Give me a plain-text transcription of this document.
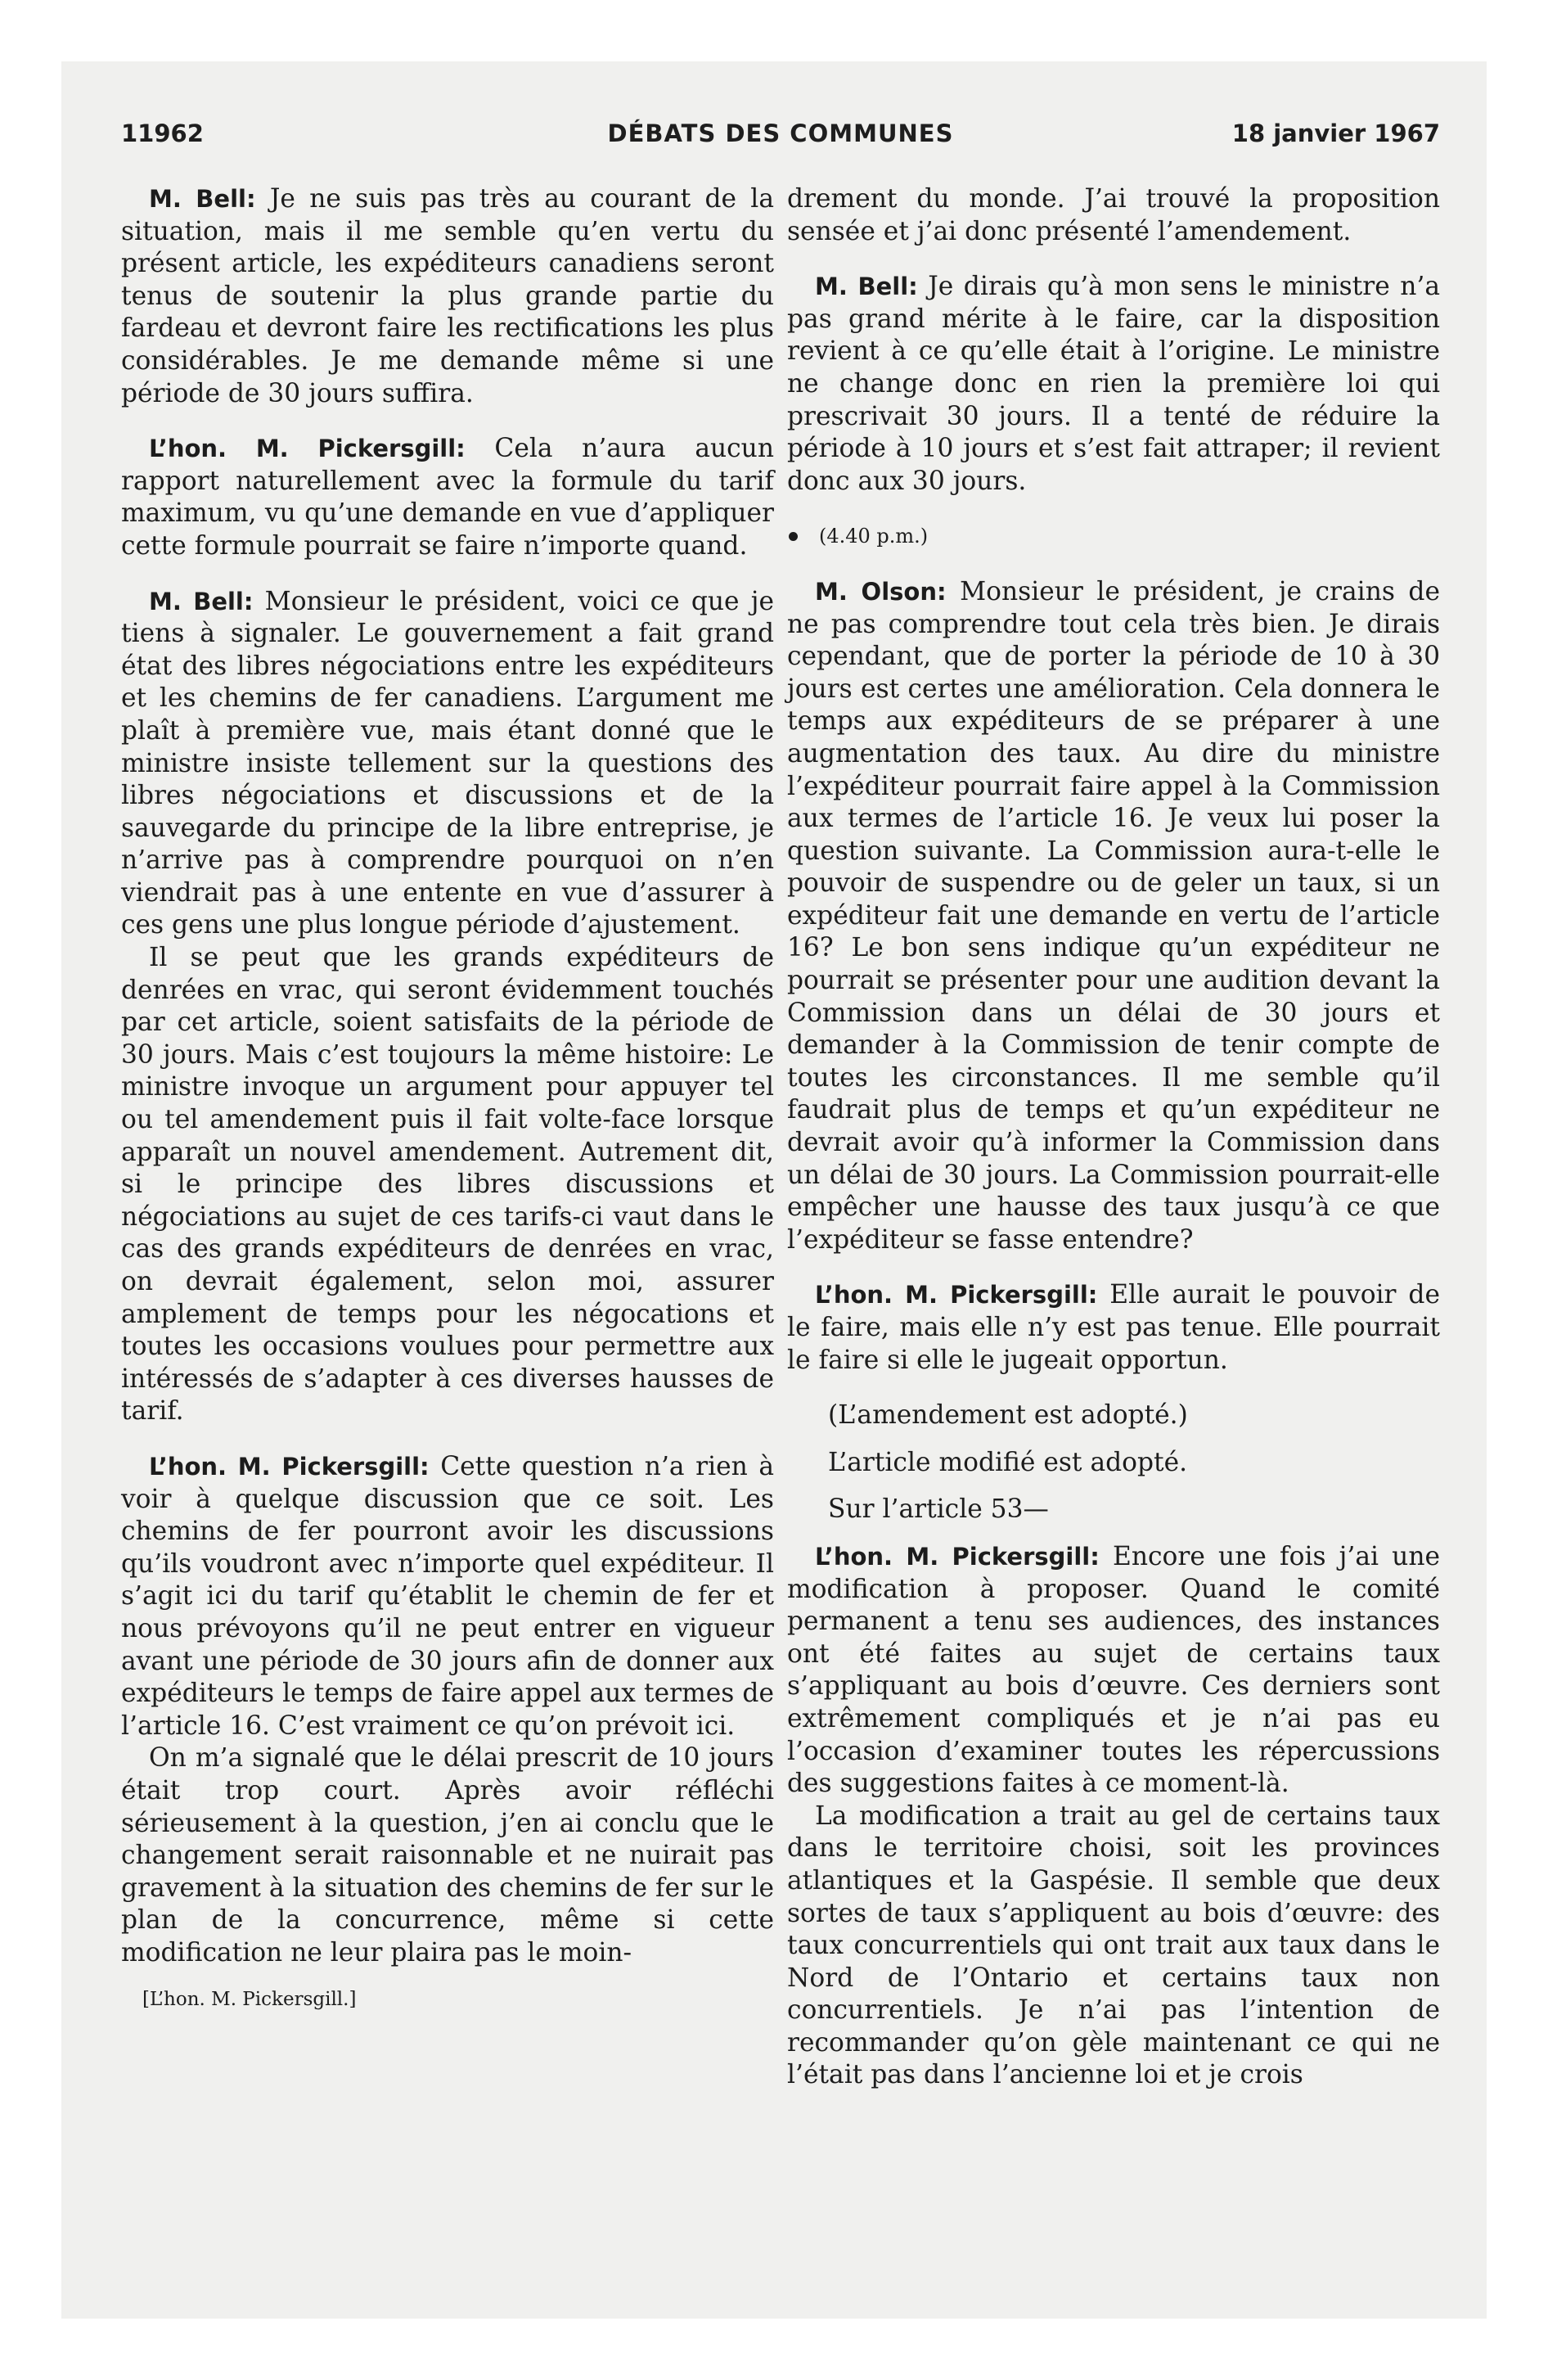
DÉBATS DES COMMUNES
11962	18 janvier 1967

M. Bell: Je ne suis pas très au courant de la situation, mais il me semble qu’en vertu du présent article, les expéditeurs canadiens seront tenus de soutenir la plus grande partie du fardeau et devront faire les rectifications les plus considérables. Je me demande même si une période de 30 jours suffira.

L’hon. M. Pickersgill: Cela n’aura aucun rapport naturellement avec la formule du tarif maximum, vu qu’une demande en vue d’appliquer cette formule pourrait se faire n’importe quand.

M. Bell: Monsieur le président, voici ce que je tiens à signaler. Le gouvernement a fait grand état des libres négociations entre les expéditeurs et les chemins de fer canadiens. L’argument me plaît à première vue, mais étant donné que le ministre insiste tellement sur la questions des libres négociations et discussions et de la sauvegarde du principe de la libre entreprise, je n’arrive pas à comprendre pourquoi on n’en viendrait pas à une entente en vue d’assurer à ces gens une plus longue période d’ajustement.

Il se peut que les grands expéditeurs de denrées en vrac, qui seront évidemment touchés par cet article, soient satisfaits de la période de 30 jours. Mais c’est toujours la même histoire: Le ministre invoque un argument pour appuyer tel ou tel amendement puis il fait volte-face lorsque apparaît un nouvel amendement. Autrement dit, si le principe des libres discussions et négociations au sujet de ces tarifs-ci vaut dans le cas des grands expéditeurs de denrées en vrac, on devrait également, selon moi, assurer amplement de temps pour les négocations et toutes les occasions voulues pour permettre aux intéressés de s’adapter à ces diverses hausses de tarif.

L’hon. M. Pickersgill: Cette question n’a rien à voir à quelque discussion que ce soit. Les chemins de fer pourront avoir les discussions qu’ils voudront avec n’importe quel expéditeur. Il s’agit ici du tarif qu’établit le chemin de fer et nous prévoyons qu’il ne peut entrer en vigueur avant une période de 30 jours afin de donner aux expéditeurs le temps de faire appel aux termes de l’article 16. C’est vraiment ce qu’on prévoit ici.

On m’a signalé que le délai prescrit de 10 jours était trop court. Après avoir réfléchi sérieusement à la question, j’en ai conclu que le changement serait raisonnable et ne nuirait pas gravement à la situation des chemins de fer sur le plan de la concurrence, même si cette modification ne leur plaira pas le moin-

[L’hon. M. Pickersgill.]

drement du monde. J’ai trouvé la proposition sensée et j’ai donc présenté l’amendement.

M. Bell: Je dirais qu’à mon sens le ministre n’a pas grand mérite à le faire, car la disposition revient à ce qu’elle était à l’origine. Le ministre ne change donc en rien la première loi qui prescrivait 30 jours. Il a tenté de réduire la période à 10 jours et s’est fait attraper; il revient donc aux 30 jours.

(4.40 p.m.)

M. Olson: Monsieur le président, je crains de ne pas comprendre tout cela très bien. Je dirais cependant, que de porter la période de 10 à 30 jours est certes une amélioration. Cela donnera le temps aux expéditeurs de se préparer à une augmentation des taux. Au dire du ministre l’expéditeur pourrait faire appel à la Commission aux termes de l’article 16. Je veux lui poser la question suivante. La Commission aura-t-elle le pouvoir de suspendre ou de geler un taux, si un expéditeur fait une demande en vertu de l’article 16? Le bon sens indique qu’un expéditeur ne pourrait se présenter pour une audition devant la Commission dans un délai de 30 jours et demander à la Commission de tenir compte de toutes les circonstances. Il me semble qu’il faudrait plus de temps et qu’un expéditeur ne devrait avoir qu’à informer la Commission dans un délai de 30 jours. La Commission pourrait-elle empêcher une hausse des taux jusqu’à ce que l’expéditeur se fasse entendre?

L’hon. M. Pickersgill: Elle aurait le pouvoir de le faire, mais elle n’y est pas tenue. Elle pourrait le faire si elle le jugeait opportun.

(L’amendement est adopté.)

L’article modifié est adopté.

Sur l’article 53—

L’hon. M. Pickersgill: Encore une fois j’ai une modification à proposer. Quand le comité permanent a tenu ses audiences, des instances ont été faites au sujet de certains taux s’appliquant au bois d’œuvre. Ces derniers sont extrêmement compliqués et je n’ai pas eu l’occasion d’examiner toutes les répercussions des suggestions faites à ce moment-là.

La modification a trait au gel de certains taux dans le territoire choisi, soit les provinces atlantiques et la Gaspésie. Il semble que deux sortes de taux s’appliquent au bois d’œuvre: des taux concurrentiels qui ont trait aux taux dans le Nord de l’Ontario et certains taux non concurrentiels. Je n’ai pas l’intention de recommander qu’on gèle maintenant ce qui ne l’était pas dans l’ancienne loi et je crois
